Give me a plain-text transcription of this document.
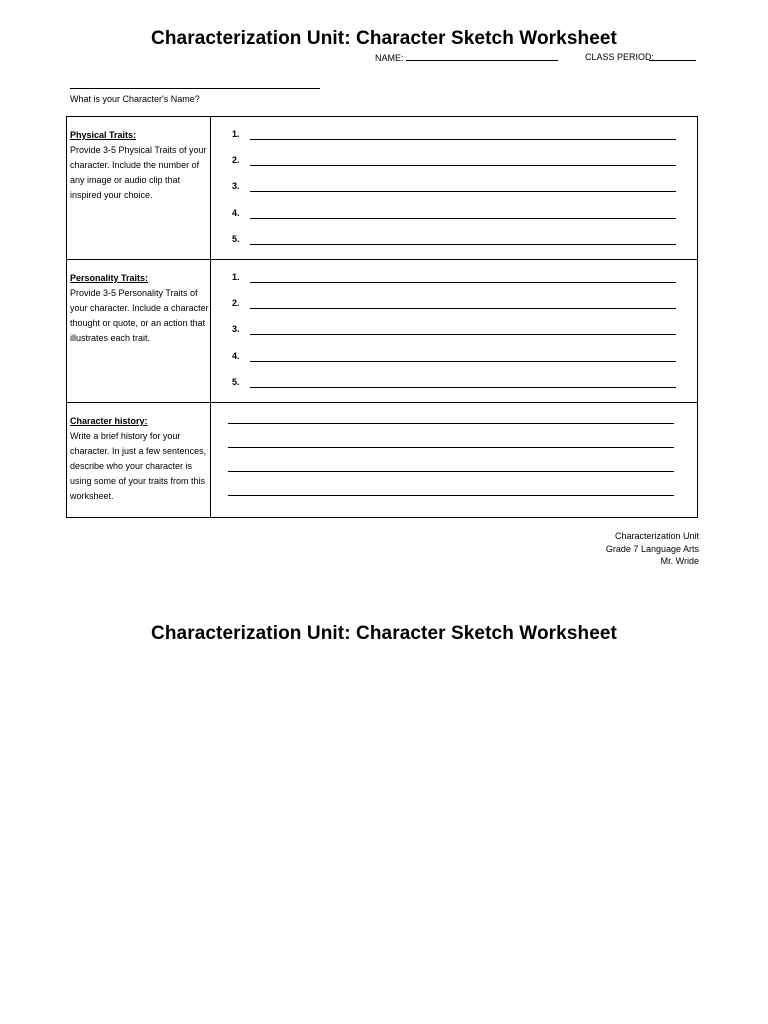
Characterization Unit: Character Sketch Worksheet
NAME:	CLASS PERIOD:
What is your Character's Name?
Physical Traits:
Provide 3-5 Physical Traits of your character. Include the number of any image or audio clip that inspired your choice.
1.
2.
3.
4.
5.
Personality Traits:
Provide 3-5 Personality Traits of your character. Include a character thought or quote, or an action that illustrates each trait.
1.
2.
3.
4.
5.
Character history:
Write a brief history for your character. In just a few sentences, describe who your character is using some of your traits from this worksheet.
Characterization Unit
Grade 7 Language Arts
Mr. Wride
Characterization Unit: Character Sketch Worksheet
